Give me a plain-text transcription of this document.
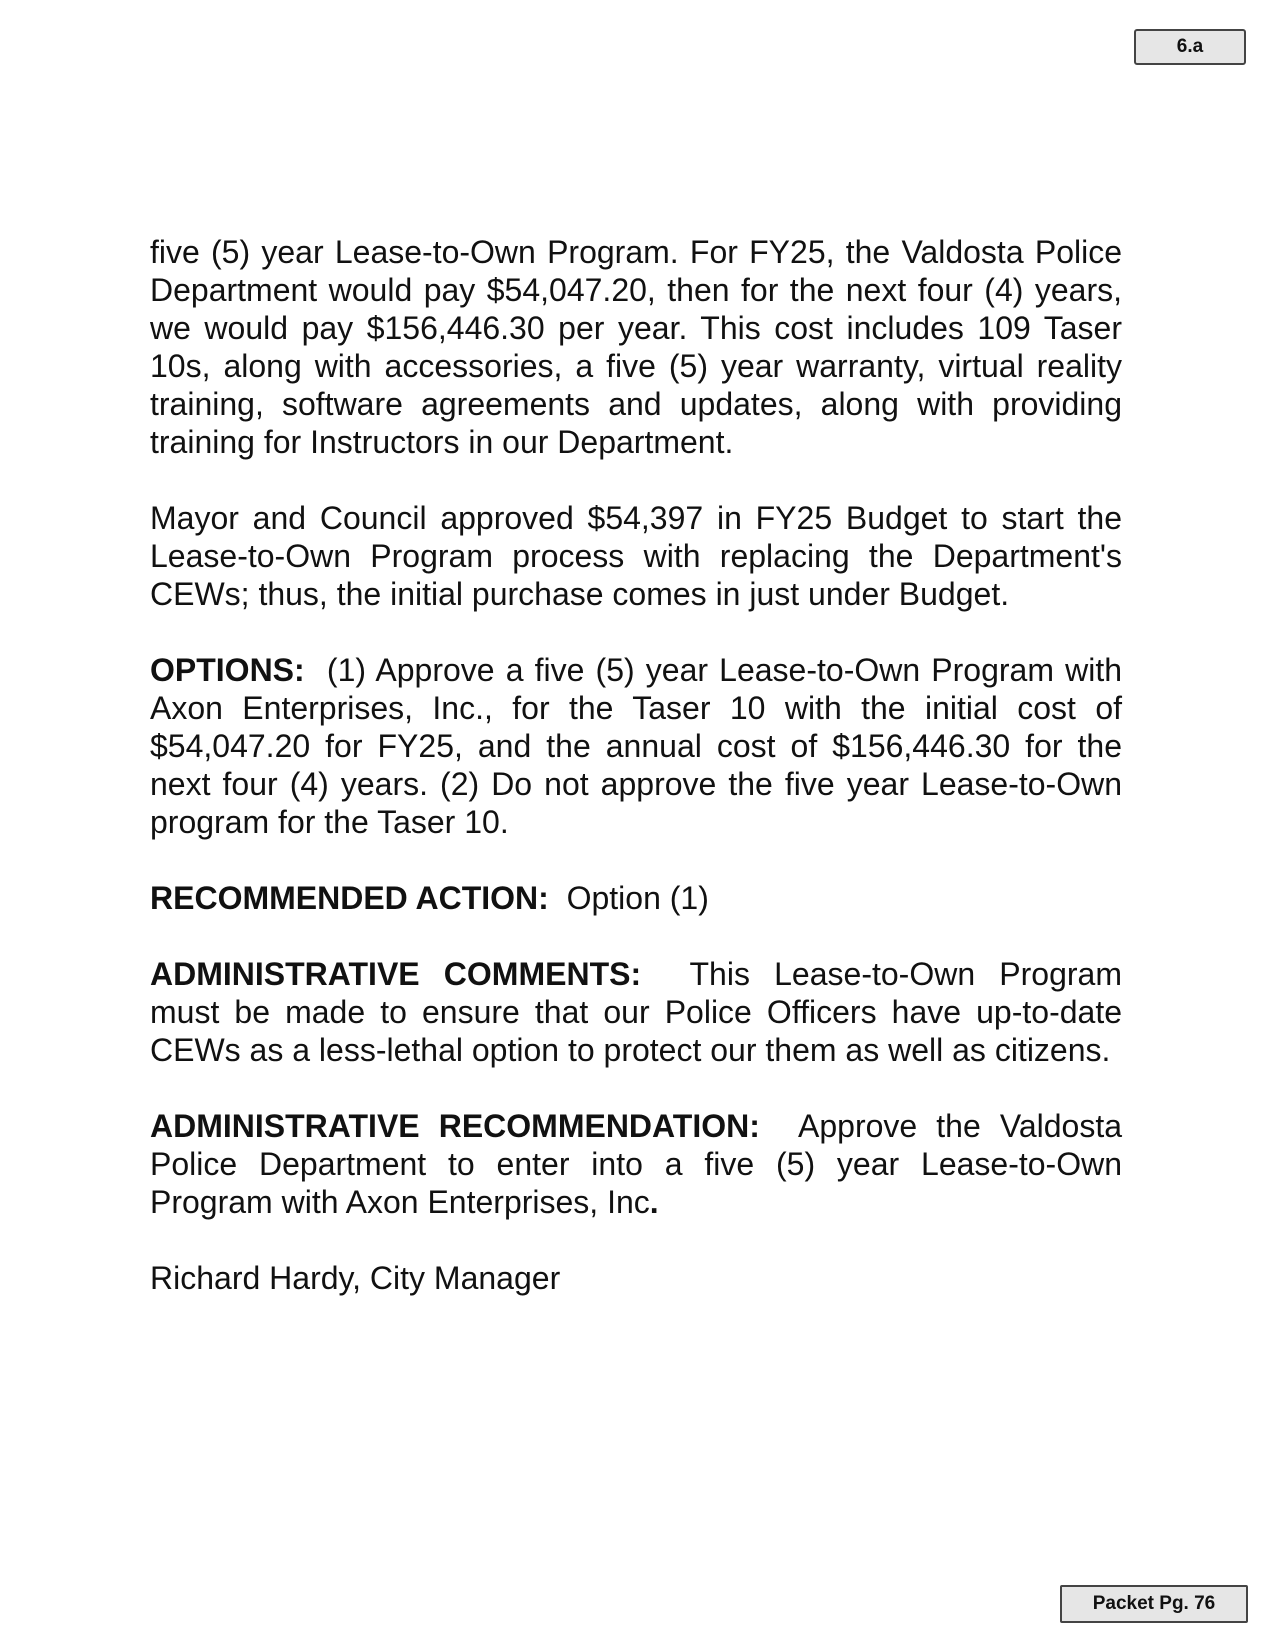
6.a

five (5) year Lease-to-Own Program. For FY25, the Valdosta Police Department would pay $54,047.20, then for the next four (4) years, we would pay $156,446.30 per year. This cost includes 109 Taser 10s, along with accessories, a five (5) year warranty, virtual reality training, software agreements and updates, along with providing training for Instructors in our Department.

Mayor and Council approved $54,397 in FY25 Budget to start the Lease-to-Own Program process with replacing the Department's CEWs; thus, the initial purchase comes in just under Budget.

OPTIONS: (1) Approve a five (5) year Lease-to-Own Program with Axon Enterprises, Inc., for the Taser 10 with the initial cost of $54,047.20 for FY25, and the annual cost of $156,446.30 for the next four (4) years. (2) Do not approve the five year Lease-to-Own program for the Taser 10.

RECOMMENDED ACTION: Option (1)

ADMINISTRATIVE COMMENTS: This Lease-to-Own Program must be made to ensure that our Police Officers have up-to-date CEWs as a less-lethal option to protect our them as well as citizens.

ADMINISTRATIVE RECOMMENDATION: Approve the Valdosta Police Department to enter into a five (5) year Lease-to-Own Program with Axon Enterprises, Inc.

Richard Hardy, City Manager

Packet Pg. 76
